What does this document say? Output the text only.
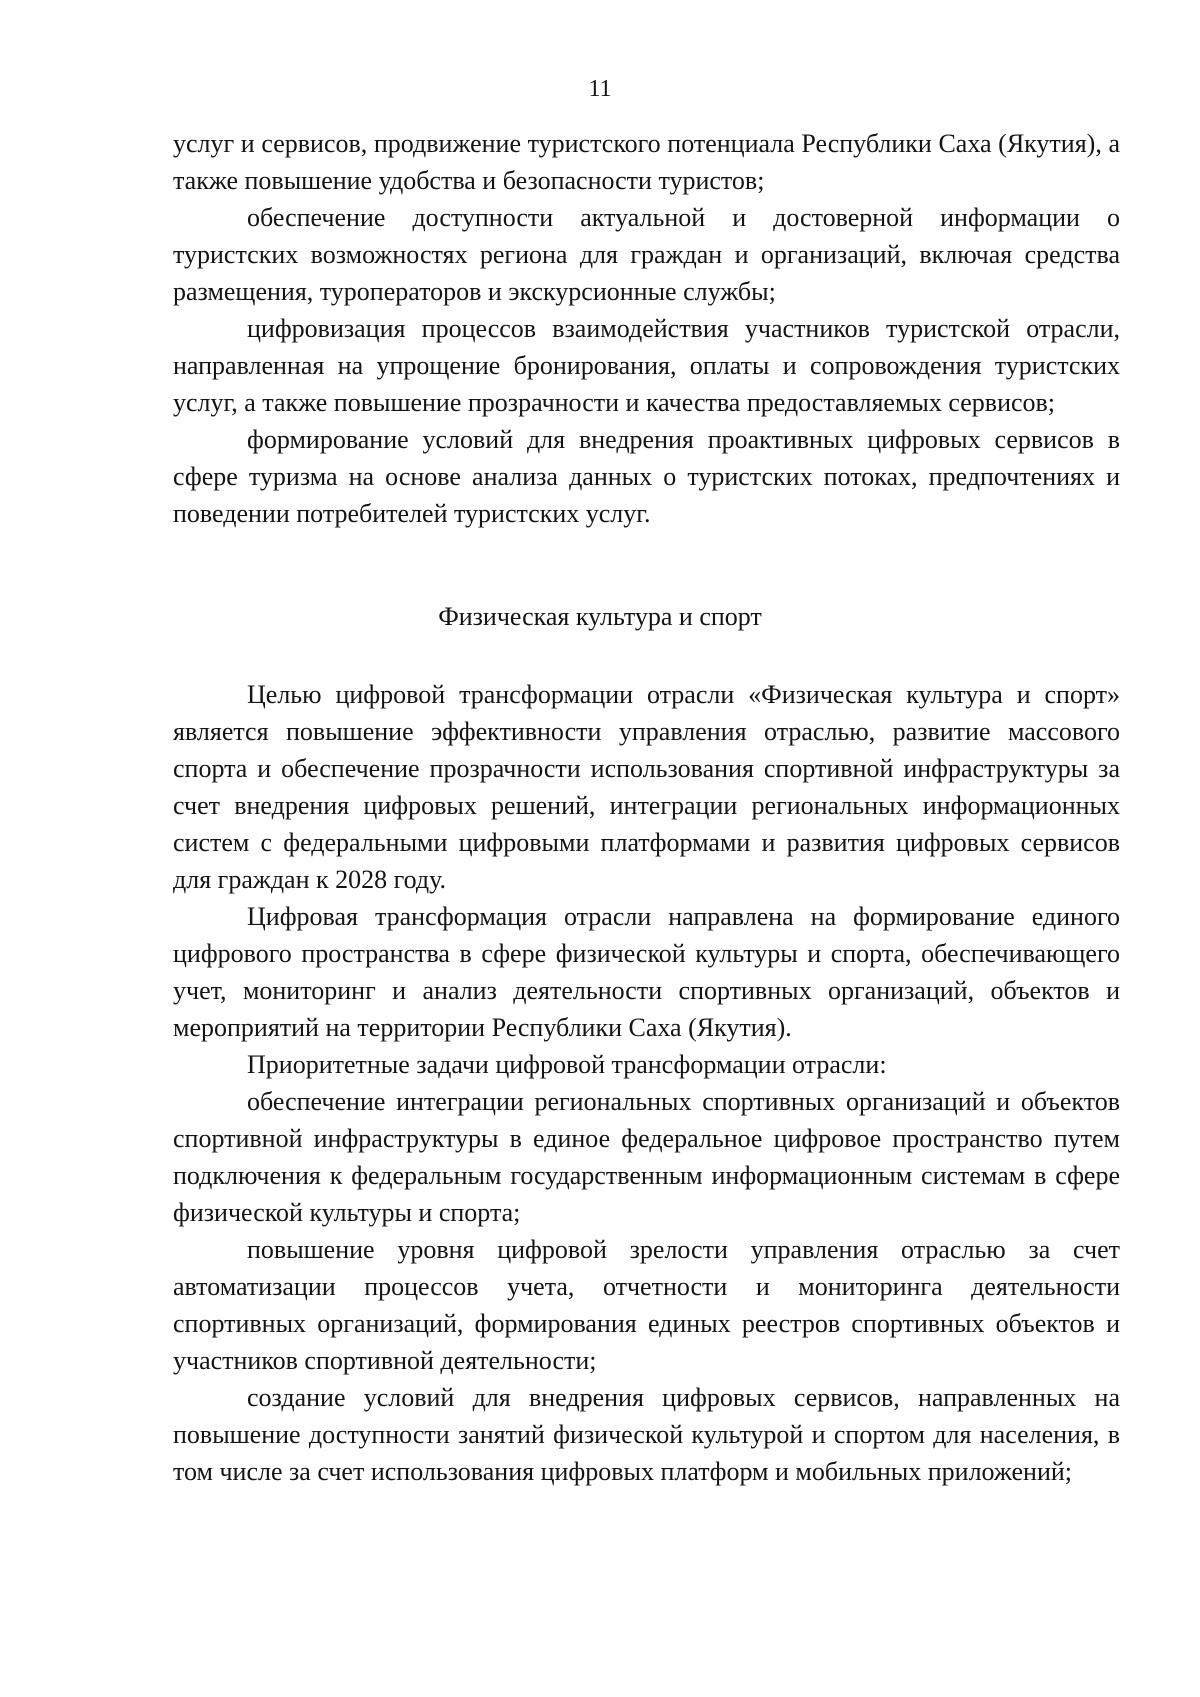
11

услуг и сервисов, продвижение туристского потенциала Республики Саха (Якутия), а также повышение удобства и безопасности туристов;

обеспечение доступности актуальной и достоверной информации о туристских возможностях региона для граждан и организаций, включая средства размещения, туроператоров и экскурсионные службы;

цифровизация процессов взаимодействия участников туристской отрасли, направленная на упрощение бронирования, оплаты и сопровождения туристских услуг, а также повышение прозрачности и качества предоставляемых сервисов;

формирование условий для внедрения проактивных цифровых сервисов в сфере туризма на основе анализа данных о туристских потоках, предпочтениях и поведении потребителей туристских услуг.

Физическая культура и спорт

Целью цифровой трансформации отрасли «Физическая культура и спорт» является повышение эффективности управления отраслью, развитие массового спорта и обеспечение прозрачности использования спортивной инфраструктуры за счет внедрения цифровых решений, интеграции региональных информационных систем с федеральными цифровыми платформами и развития цифровых сервисов для граждан к 2028 году.

Цифровая трансформация отрасли направлена на формирование единого цифрового пространства в сфере физической культуры и спорта, обеспечивающего учет, мониторинг и анализ деятельности спортивных организаций, объектов и мероприятий на территории Республики Саха (Якутия).

Приоритетные задачи цифровой трансформации отрасли:

обеспечение интеграции региональных спортивных организаций и объектов спортивной инфраструктуры в единое федеральное цифровое пространство путем подключения к федеральным государственным информационным системам в сфере физической культуры и спорта;

повышение уровня цифровой зрелости управления отраслью за счет автоматизации процессов учета, отчетности и мониторинга деятельности спортивных организаций, формирования единых реестров спортивных объектов и участников спортивной деятельности;

создание условий для внедрения цифровых сервисов, направленных на повышение доступности занятий физической культурой и спортом для населения, в том числе за счет использования цифровых платформ и мобильных приложений;
